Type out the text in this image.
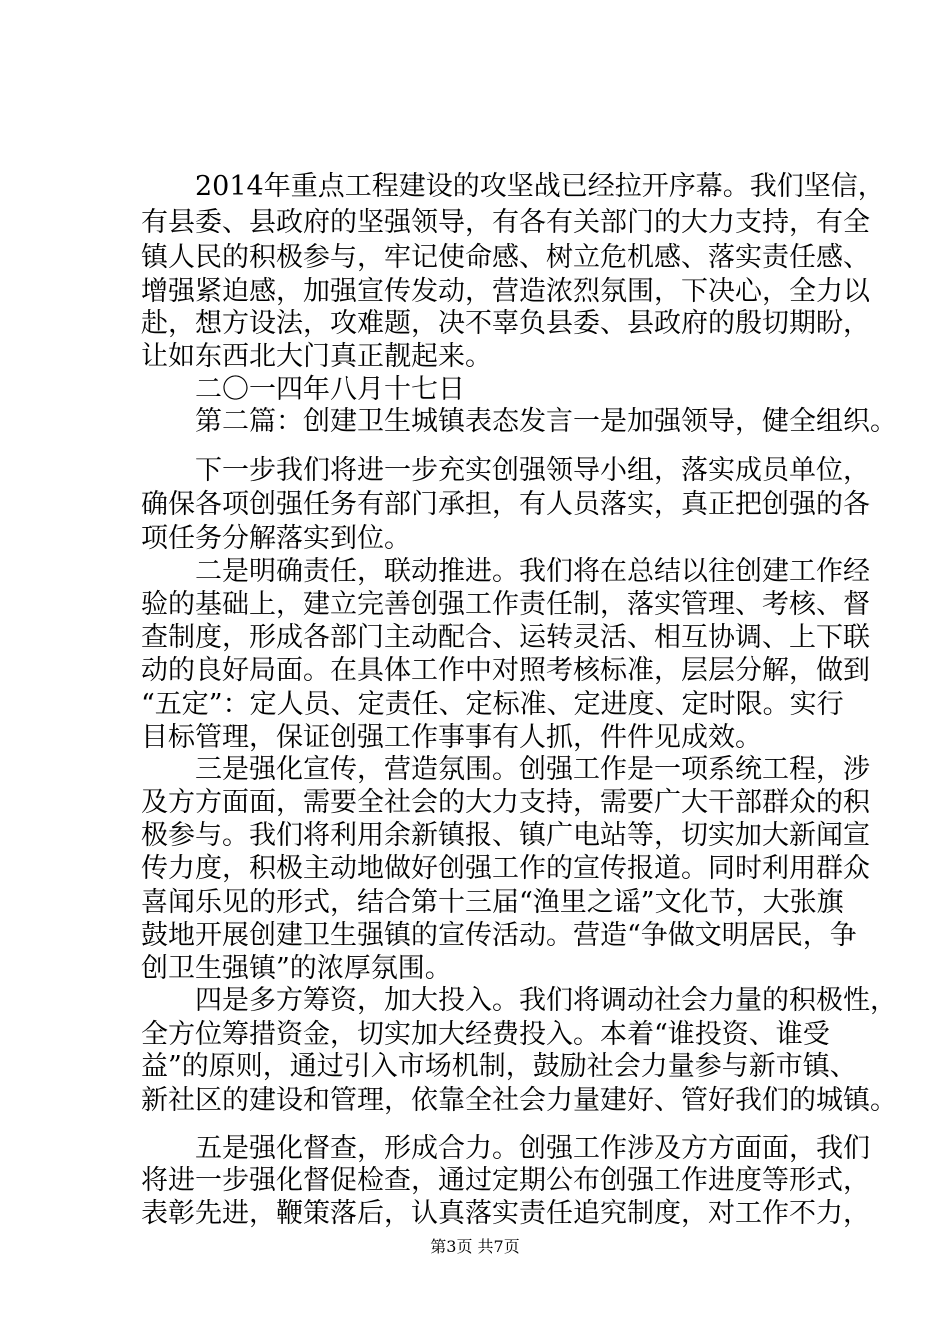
　　2014年重点工程建设的攻坚战已经拉开序幕。我们坚信，
有县委、县政府的坚强领导，有各有关部门的大力支持，有全
镇人民的积极参与，牢记使命感、树立危机感、落实责任感、
增强紧迫感，加强宣传发动，营造浓烈氛围，下决心，全力以
赴，想方设法，攻难题，决不辜负县委、县政府的殷切期盼，
让如东西北大门真正靓起来。
　　二〇一四年八月十七日
　　第二篇：创建卫生城镇表态发言一是加强领导，健全组织。
　　下一步我们将进一步充实创强领导小组，落实成员单位，
确保各项创强任务有部门承担，有人员落实，真正把创强的各
项任务分解落实到位。
　　二是明确责任，联动推进。我们将在总结以往创建工作经
验的基础上，建立完善创强工作责任制，落实管理、考核、督
查制度，形成各部门主动配合、运转灵活、相互协调、上下联
动的良好局面。在具体工作中对照考核标准，层层分解，做到
“五定”：定人员、定责任、定标准、定进度、定时限。实行
目标管理，保证创强工作事事有人抓，件件见成效。
　　三是强化宣传，营造氛围。创强工作是一项系统工程，涉
及方方面面，需要全社会的大力支持，需要广大干部群众的积
极参与。我们将利用余新镇报、镇广电站等，切实加大新闻宣
传力度，积极主动地做好创强工作的宣传报道。同时利用群众
喜闻乐见的形式，结合第十三届“渔里之谣”文化节，大张旗
鼓地开展创建卫生强镇的宣传活动。营造“争做文明居民，争
创卫生强镇”的浓厚氛围。
　　四是多方筹资，加大投入。我们将调动社会力量的积极性，
全方位筹措资金，切实加大经费投入。本着“谁投资、谁受
益”的原则，通过引入市场机制，鼓励社会力量参与新市镇、
新社区的建设和管理，依靠全社会力量建好、管好我们的城镇。
　　五是强化督查，形成合力。创强工作涉及方方面面，我们
将进一步强化督促检查，通过定期公布创强工作进度等形式，
表彰先进，鞭策落后，认真落实责任追究制度，对工作不力，
第3页 共7页
